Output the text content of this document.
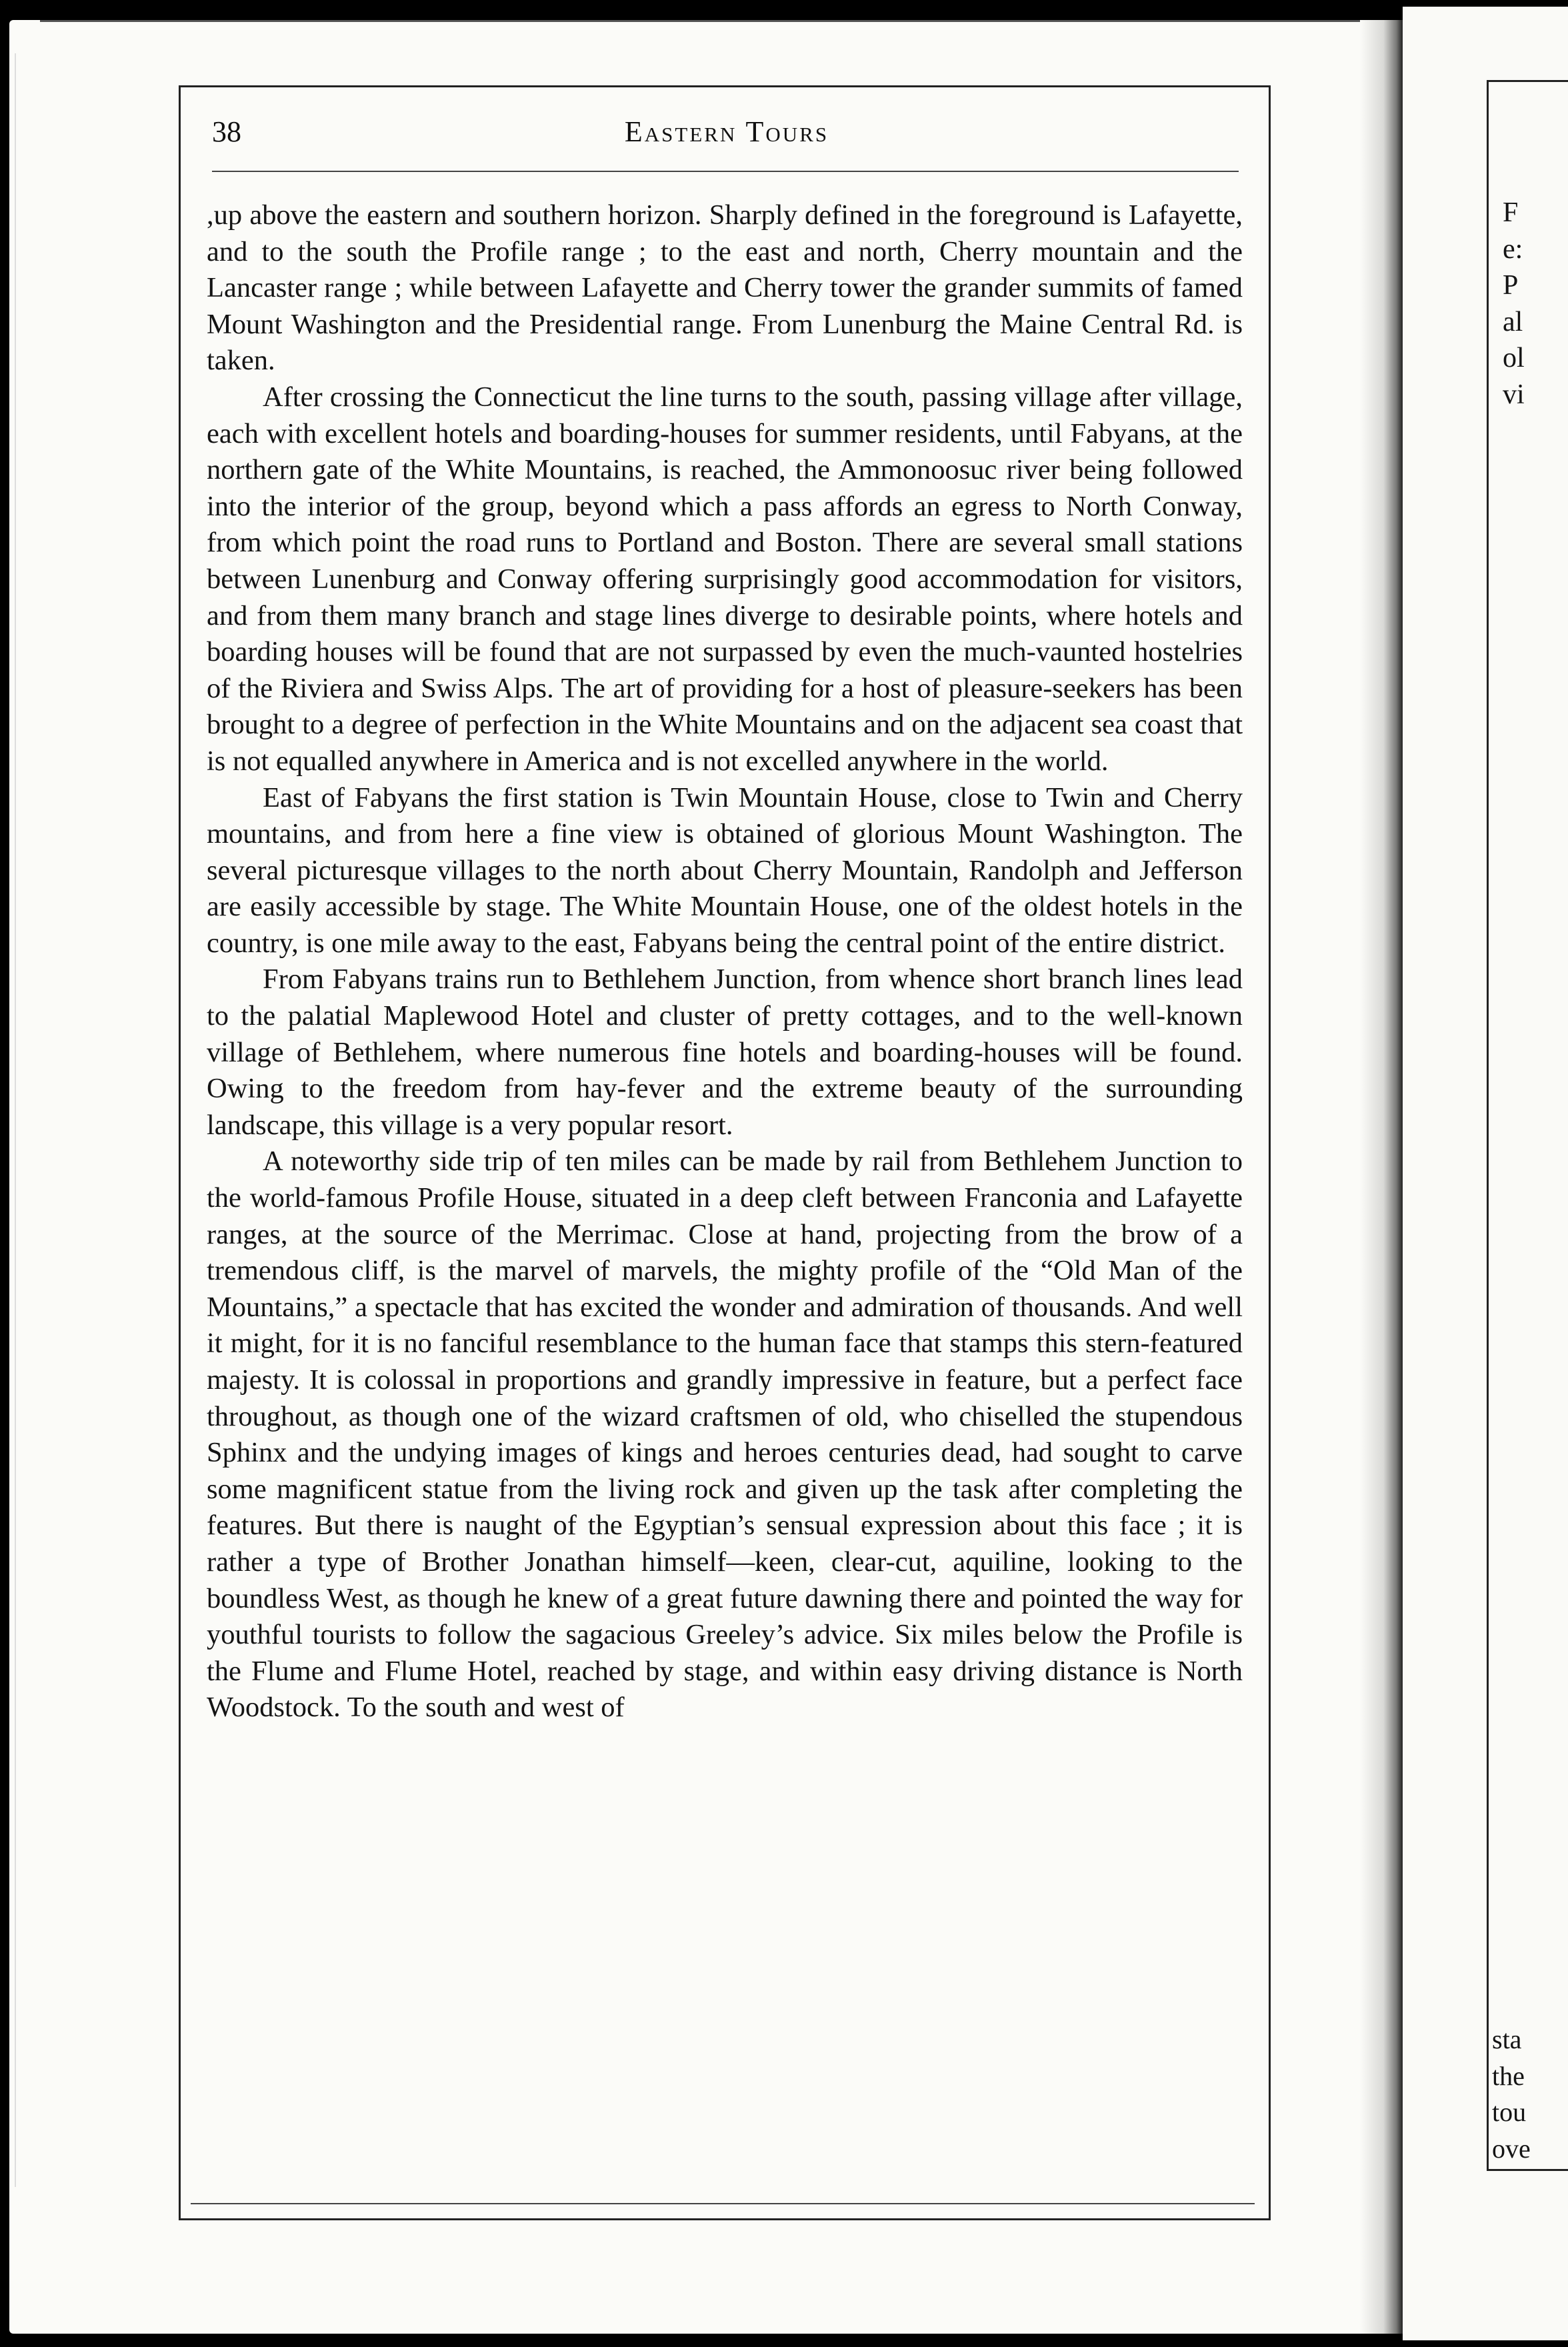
38	Eastern Tours

,up above the eastern and southern horizon. Sharply defined in the foreground is Lafayette, and to the south the Profile range ; to the east and north, Cherry mountain and the Lancaster range ; while between Lafayette and Cherry tower the grander summits of famed Mount Washington and the Presidential range. From Lunenburg the Maine Central Rd. is taken.

After crossing the Connecticut the line turns to the south, passing village after village, each with excellent hotels and boarding-houses for summer residents, until Fabyans, at the northern gate of the White Mountains, is reached, the Ammonoosuc river being followed into the interior of the group, beyond which a pass affords an egress to North Conway, from which point the road runs to Portland and Boston. There are several small stations between Lunenburg and Conway offering surprisingly good accommodation for visitors, and from them many branch and stage lines diverge to desirable points, where hotels and boarding houses will be found that are not surpassed by even the much-vaunted hostelries of the Riviera and Swiss Alps. The art of providing for a host of pleasure-seekers has been brought to a degree of perfection in the White Mountains and on the adjacent sea coast that is not equalled anywhere in America and is not excelled anywhere in the world.

East of Fabyans the first station is Twin Mountain House, close to Twin and Cherry mountains, and from here a fine view is obtained of glorious Mount Washington. The several picturesque villages to the north about Cherry Mountain, Randolph and Jefferson are easily accessible by stage. The White Mountain House, one of the oldest hotels in the country, is one mile away to the east, Fabyans being the central point of the entire district.

From Fabyans trains run to Bethlehem Junction, from whence short branch lines lead to the palatial Maplewood Hotel and cluster of pretty cottages, and to the well-known village of Bethlehem, where numerous fine hotels and boarding-houses will be found. Owing to the freedom from hay-fever and the extreme beauty of the surrounding landscape, this village is a very popular resort.

A noteworthy side trip of ten miles can be made by rail from Bethlehem Junction to the world-famous Profile House, situated in a deep cleft between Franconia and Lafayette ranges, at the source of the Merrimac. Close at hand, projecting from the brow of a tremendous cliff, is the marvel of marvels, the mighty profile of the “Old Man of the Mountains,” a spectacle that has excited the wonder and admiration of thousands. And well it might, for it is no fanciful resemblance to the human face that stamps this stern-featured majesty. It is colossal in proportions and grandly impressive in feature, but a perfect face throughout, as though one of the wizard craftsmen of old, who chiselled the stupendous Sphinx and the undying images of kings and heroes centuries dead, had sought to carve some magnificent statue from the living rock and given up the task after completing the features. But there is naught of the Egyptian’s sensual expression about this face ; it is rather a type of Brother Jonathan himself—keen, clear-cut, aquiline, looking to the boundless West, as though he knew of a great future dawning there and pointed the way for youthful tourists to follow the sagacious Greeley’s advice. Six miles below the Profile is the Flume and Flume Hotel, reached by stage, and within easy driving distance is North Woodstock. To the south and west of

F
e:
P
al
ol
vi
sta
the
tou
ove
